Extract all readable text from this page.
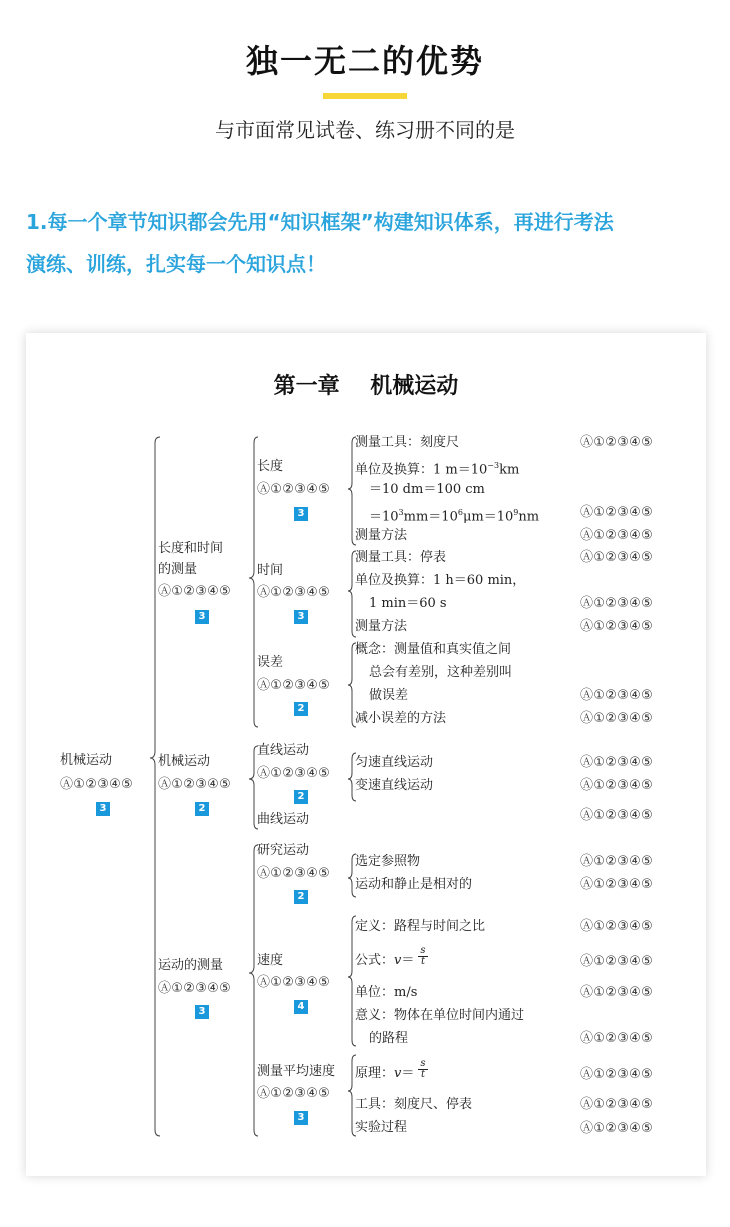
独一无二的优势
与市面常见试卷、练习册不同的是
1.每一个章节知识都会先用“知识框架”构建知识体系，再进行考法
演练、训练，扎实每一个知识点！
第一章    机械运动
机械运动
Ⓐ①②③④⑤
3
长度和时间
的测量
Ⓐ①②③④⑤
3
机械运动
Ⓐ①②③④⑤
2
运动的测量
Ⓐ①②③④⑤
3
长度
Ⓐ①②③④⑤
3
测量工具：刻度尺	Ⓐ①②③④⑤
单位及换算：1 $m=10^{-3}km$
＝10 dm＝100 cm
$=10^3mm=10^6\mu m=10^9nm$	Ⓐ①②③④⑤
测量方法	Ⓐ①②③④⑤
时间
Ⓐ①②③④⑤
3
测量工具：停表	Ⓐ①②③④⑤
单位及换算：1 h＝60 min，
1 min＝60 s	Ⓐ①②③④⑤
测量方法	Ⓐ①②③④⑤
误差
Ⓐ①②③④⑤
2
概念：测量值和真实值之间
总会有差别，这种差别叫
做误差	Ⓐ①②③④⑤
减小误差的方法	Ⓐ①②③④⑤
直线运动
Ⓐ①②③④⑤
2
匀速直线运动	Ⓐ①②③④⑤
变速直线运动	Ⓐ①②③④⑤
曲线运动	Ⓐ①②③④⑤
研究运动
Ⓐ①②③④⑤
2
选定参照物	Ⓐ①②③④⑤
运动和静止是相对的	Ⓐ①②③④⑤
速度
Ⓐ①②③④⑤
4
定义：路程与时间之比	Ⓐ①②③④⑤
公式：$v= \frac{s}{t}$	Ⓐ①②③④⑤
单位：m/s	Ⓐ①②③④⑤
意义：物体在单位时间内通过
的路程	Ⓐ①②③④⑤
测量平均速度
Ⓐ①②③④⑤
3
原理：$v= \frac{s}{t}$	Ⓐ①②③④⑤
工具：刻度尺、停表	Ⓐ①②③④⑤
实验过程	Ⓐ①②③④⑤
